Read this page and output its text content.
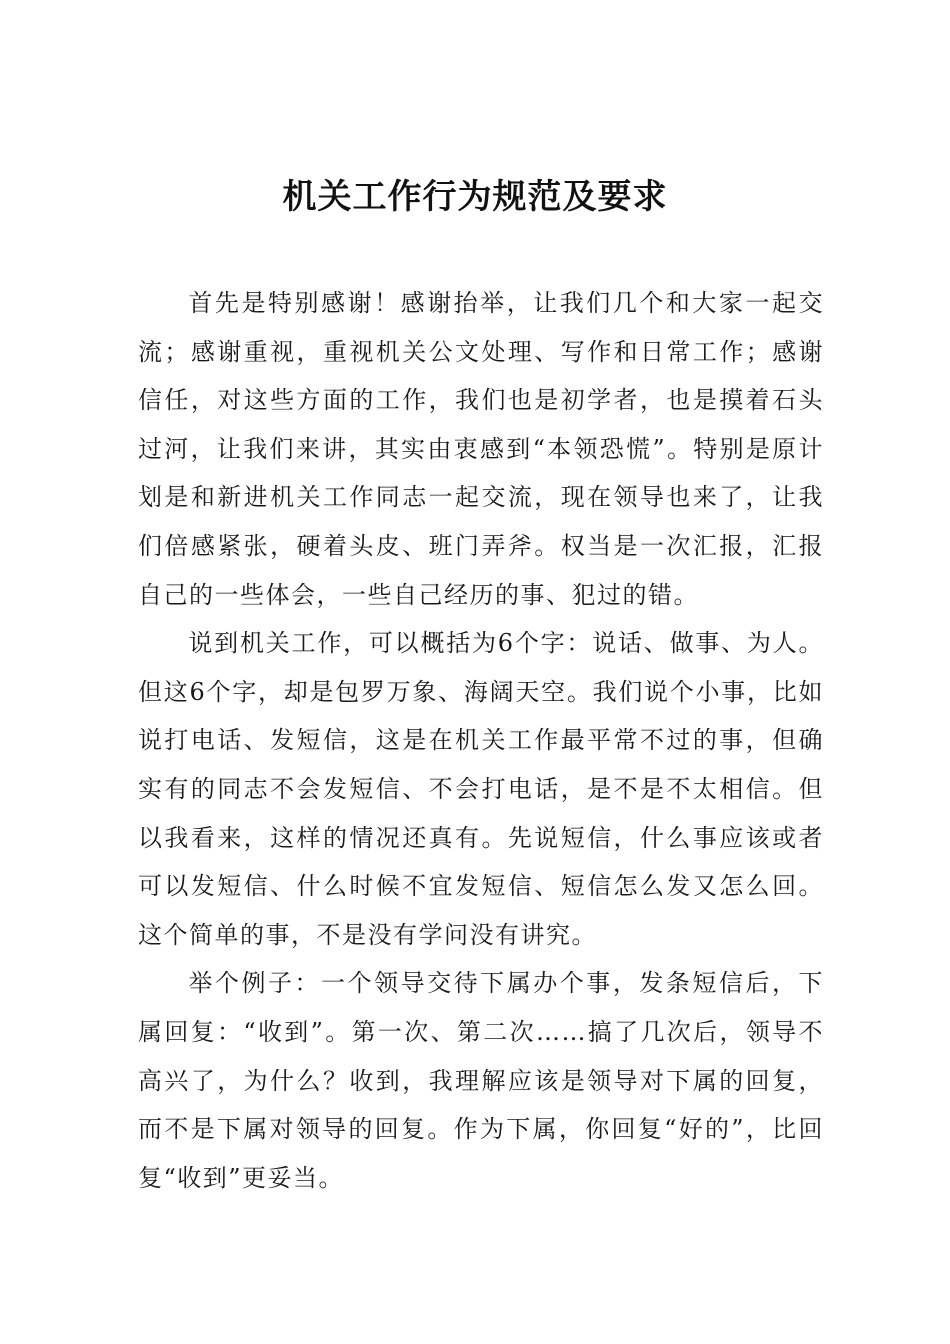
机关工作行为规范及要求

首先是特别感谢！感谢抬举，让我们几个和大家一起交流；感谢重视，重视机关公文处理、写作和日常工作；感谢信任，对这些方面的工作，我们也是初学者，也是摸着石头过河，让我们来讲，其实由衷感到“本领恐慌”。特别是原计划是和新进机关工作同志一起交流，现在领导也来了，让我们倍感紧张，硬着头皮、班门弄斧。权当是一次汇报，汇报自己的一些体会，一些自己经历的事、犯过的错。

说到机关工作，可以概括为6个字：说话、做事、为人。但这6个字，却是包罗万象、海阔天空。我们说个小事，比如说打电话、发短信，这是在机关工作最平常不过的事，但确实有的同志不会发短信、不会打电话，是不是不太相信。但以我看来，这样的情况还真有。先说短信，什么事应该或者可以发短信、什么时候不宜发短信、短信怎么发又怎么回。这个简单的事，不是没有学问没有讲究。

举个例子：一个领导交待下属办个事，发条短信后，下属回复：“收到”。第一次、第二次……搞了几次后，领导不高兴了，为什么？收到，我理解应该是领导对下属的回复，而不是下属对领导的回复。作为下属，你回复“好的”，比回复“收到”更妥当。
